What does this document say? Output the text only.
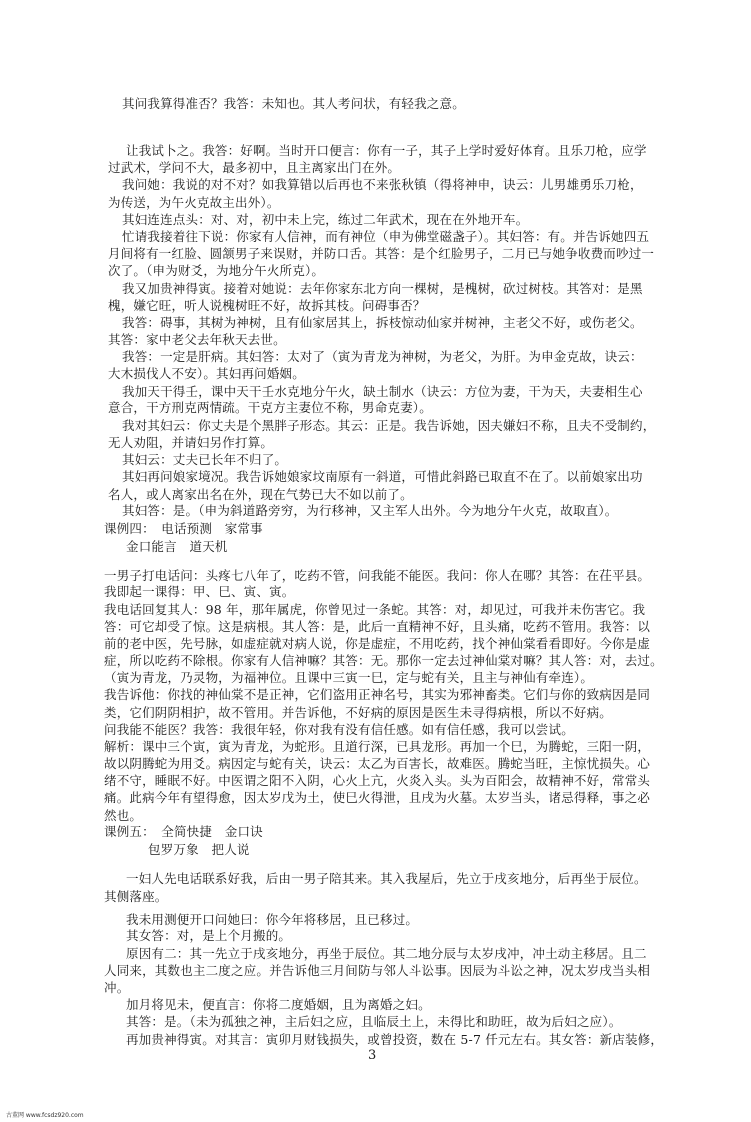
其问我算得准否？我答：未知也。其人考问状，有轻我之意。
让我试卜之。我答：好啊。当时开口便言：你有一子，其子上学时爱好体育。且乐刀枪，应学
过武术，学问不大，最多初中，且主离家出门在外。
我问她：我说的对不对？如我算错以后再也不来张秋镇（得将神申，诀云：儿男雄勇乐刀枪，
为传送，为午火克故主出外）。
其妇连连点头：对、对，初中未上完，练过二年武术，现在在外地开车。
忙请我接着往下说：你家有人信神，而有神位（申为佛堂磁盏子）。其妇答：有。并告诉她四五
月间将有一红脸、圆颔男子来误财，并防口舌。其答：是个红脸男子，二月已与她争收费而吵过一
次了。（申为财爻，为地分午火所克）。
我又加贵神得寅。接着对她说：去年你家东北方向一棵树，是槐树，砍过树枝。其答对：是黑
槐，嫌它旺，听人说槐树旺不好，故拆其枝。问碍事否？
我答：碍事，其树为神树，且有仙家居其上，拆枝惊动仙家并树神，主老父不好，或伤老父。
其答：家中老父去年秋天去世。
我答：一定是肝病。其妇答：太对了（寅为青龙为神树，为老父，为肝。为申金克故，诀云：
大木损伐人不安）。其妇再问婚姻。
我加天干得壬，课中天干壬水克地分午火，缺土制水（诀云：方位为妻，干为天，夫妻相生心
意合，干方刑克两情疏。干克方主妻位不称，男命克妻）。
我对其妇云：你丈夫是个黑胖子形态。其云：正是。我告诉她，因夫嫌妇不称，且夫不受制约，
无人劝阻，并请妇另作打算。
其妇云：丈夫已长年不归了。
其妇再问娘家境况。我告诉她娘家坟南原有一斜道，可惜此斜路已取直不在了。以前娘家出功
名人，或人离家出名在外，现在气势已大不如以前了。
其妇答：是。（申为斜道路旁穷，为行移神，又主军人出外。今为地分午火克，故取直）。
课例四：　电话预测　家常事
金口能言　道天机
一男子打电话问：头疼七八年了，吃药不管，问我能不能医。我问：你人在哪？其答：在茌平县。
我即起一课得：甲、巳、寅、寅。
我电话回复其人：98 年，那年属虎，你曾见过一条蛇。其答：对，却见过，可我并未伤害它。我
答：可它却受了惊。这是病根。其人答：是，此后一直精神不好，且头痛，吃药不管用。我答：以
前的老中医，先号脉，如虚症就对病人说，你是虚症，不用吃药，找个神仙棠看看即好。今你是虚
症，所以吃药不除根。你家有人信神嘛？其答：无。那你一定去过神仙棠对嘛？其人答：对，去过。
（寅为青龙，乃灵物，为福神位。且课中三寅一巳，定与蛇有关，且主与神仙有牵连）。
我告诉他：你找的神仙棠不是正神，它们盗用正神名号，其实为邪神畜类。它们与你的致病因是同
类，它们阴阴相护，故不管用。并告诉他，不好病的原因是医生未寻得病根，所以不好病。
问我能不能医？我答：我很年轻，你对我有没有信任感。如有信任感，我可以尝试。
解析：课中三个寅，寅为青龙，为蛇形。且道行深，已具龙形。再加一个巳，为腾蛇，三阳一阴，
故以阴腾蛇为用爻。病因定与蛇有关，诀云：太乙为百害长，故难医。腾蛇当旺，主惊忧损失。心
绪不守，睡眠不好。中医谓之阳不入阴，心火上亢，火炎入头。头为百阳会，故精神不好，常常头
痛。此病今年有望得愈，因太岁戊为土，使巳火得泄，且戌为火墓。太岁当头，诸忌得释，事之必
然也。
课例五：　全简快捷　金口诀
包罗万象　把人说
一妇人先电话联系好我，后由一男子陪其来。其入我屋后，先立于戌亥地分，后再坐于辰位。
其侧落座。
我未用测便开口问她曰：你今年将移居，且已移过。
其女答：对，是上个月搬的。
原因有二：其一先立于戌亥地分，再坐于辰位。其二地分辰与太岁戌冲，冲土动主移居。且二
人同来，其数也主二度之应。并告诉他三月间防与邻人斗讼事。因辰为斗讼之神，况太岁戌当头相
冲。
加月将见未，便直言：你将二度婚姻，且为离婚之妇。
其答：是。（未为孤独之神，主后妇之应，且临辰土上，未得比和助旺，故为后妇之应）。
再加贵神得寅。对其言：寅卯月财钱损失，或曾投资，数在 5-7 仟元左右。其女答：新店装修，
3
古董网 www.fcsdz920.com
